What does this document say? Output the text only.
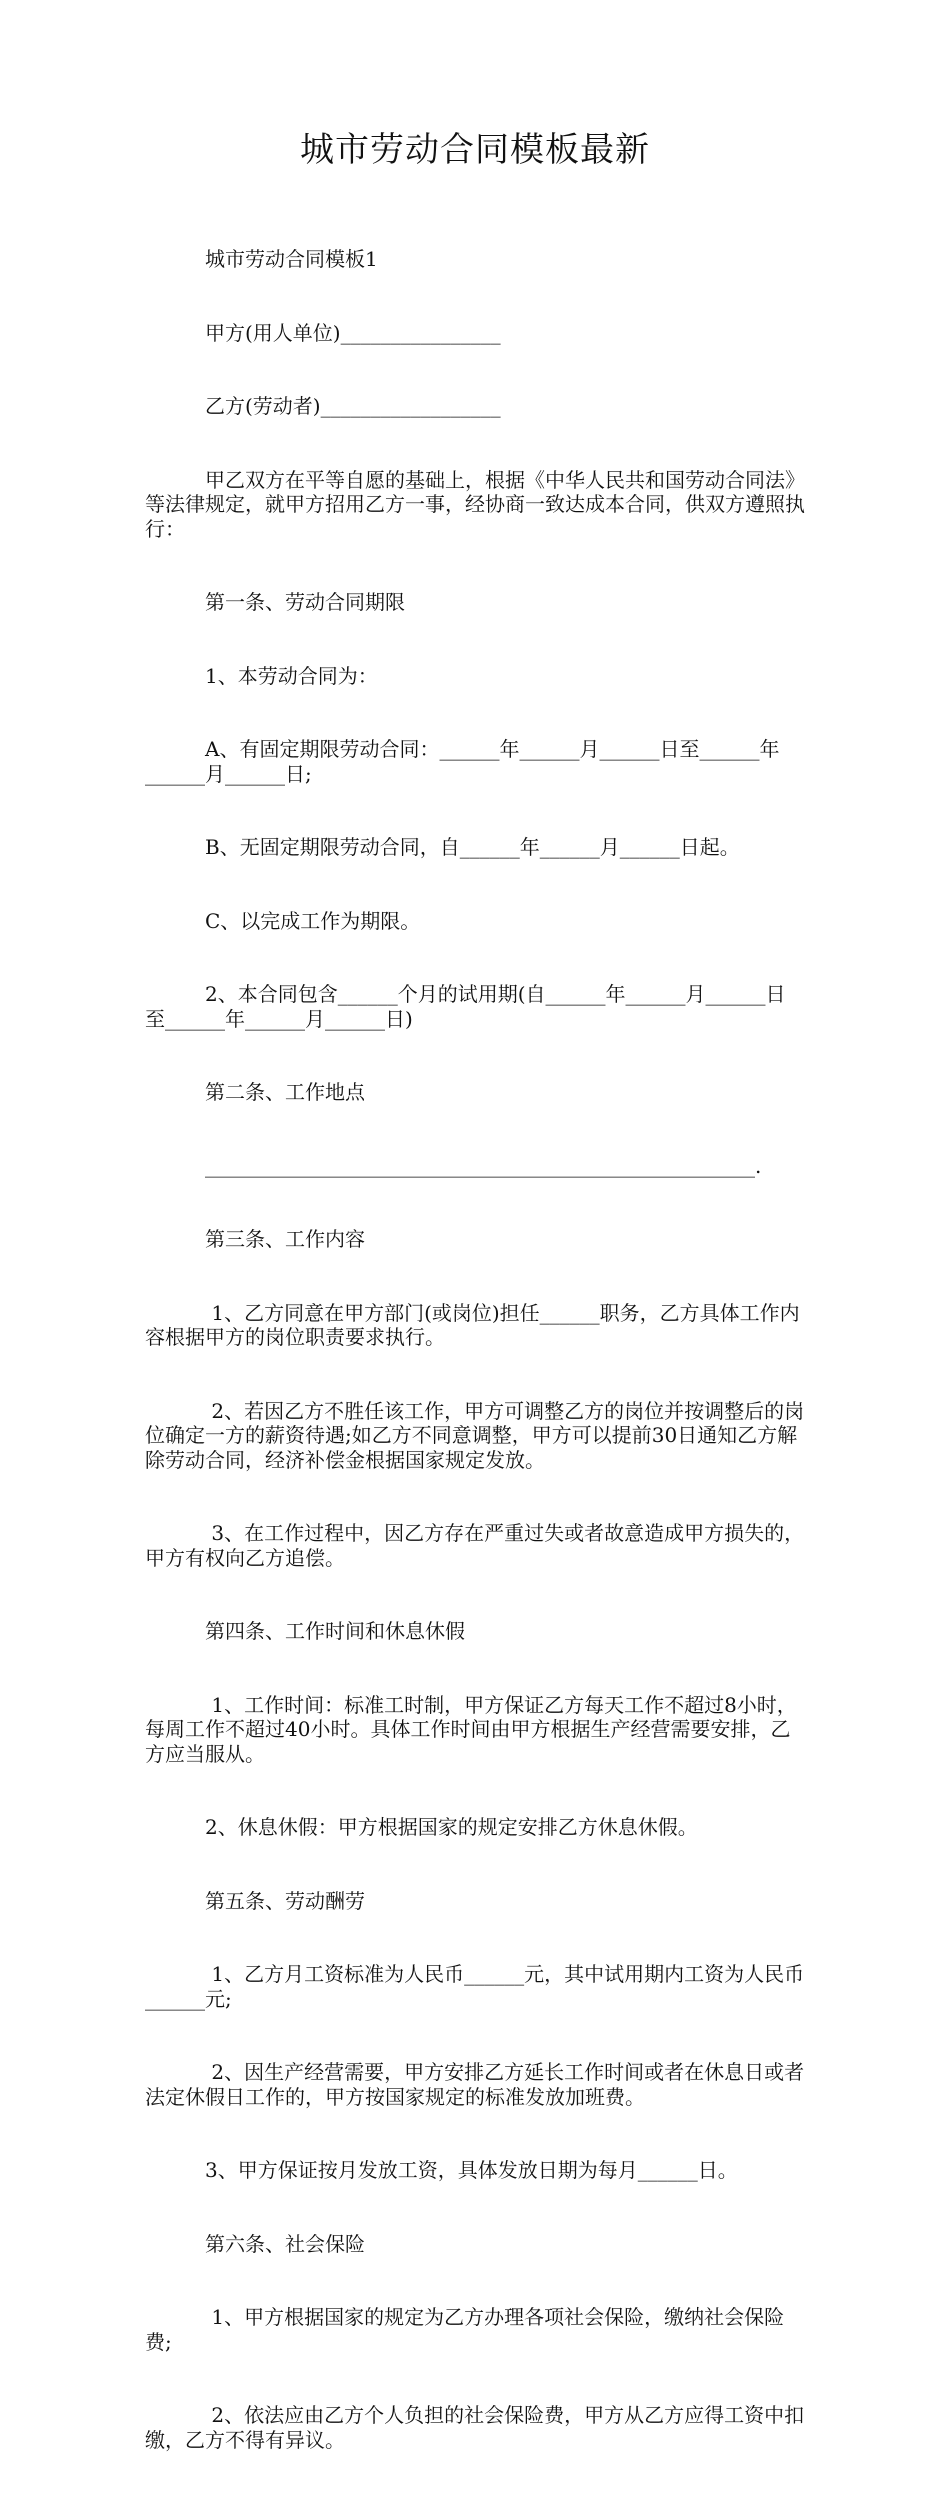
城市劳动合同模板最新

　　　城市劳动合同模板1

　　　甲方(用人单位)________________

　　　乙方(劳动者)__________________

　　　甲乙双方在平等自愿的基础上，根据《中华人民共和国劳动合同法》等法律规定，就甲方招用乙方一事，经协商一致达成本合同，供双方遵照执行：

　　　第一条、劳动合同期限

　　　1、本劳动合同为：

　　　A、有固定期限劳动合同：______年______月______日至______年______月______日;

　　　B、无固定期限劳动合同，自______年______月______日起。

　　　C、以完成工作为期限。

　　　2、本合同包含______个月的试用期(自______年______月______日至______年______月______日)

　　　第二条、工作地点

　　　_______________________________________________________.

　　　第三条、工作内容

　　　 1、乙方同意在甲方部门(或岗位)担任______职务，乙方具体工作内容根据甲方的岗位职责要求执行。

　　　 2、若因乙方不胜任该工作，甲方可调整乙方的岗位并按调整后的岗位确定一方的薪资待遇;如乙方不同意调整，甲方可以提前30日通知乙方解除劳动合同，经济补偿金根据国家规定发放。

　　　 3、在工作过程中，因乙方存在严重过失或者故意造成甲方损失的，甲方有权向乙方追偿。

　　　第四条、工作时间和休息休假

　　　 1、工作时间：标准工时制，甲方保证乙方每天工作不超过8小时，每周工作不超过40小时。具体工作时间由甲方根据生产经营需要安排，乙方应当服从。

　　　2、休息休假：甲方根据国家的规定安排乙方休息休假。

　　　第五条、劳动酬劳

　　　 1、乙方月工资标准为人民币______元，其中试用期内工资为人民币______元;

　　　 2、因生产经营需要，甲方安排乙方延长工作时间或者在休息日或者法定休假日工作的，甲方按国家规定的标准发放加班费。

　　　3、甲方保证按月发放工资，具体发放日期为每月______日。

　　　第六条、社会保险

　　　 1、甲方根据国家的规定为乙方办理各项社会保险，缴纳社会保险费;

　　　 2、依法应由乙方个人负担的社会保险费，甲方从乙方应得工资中扣缴，乙方不得有异议。
